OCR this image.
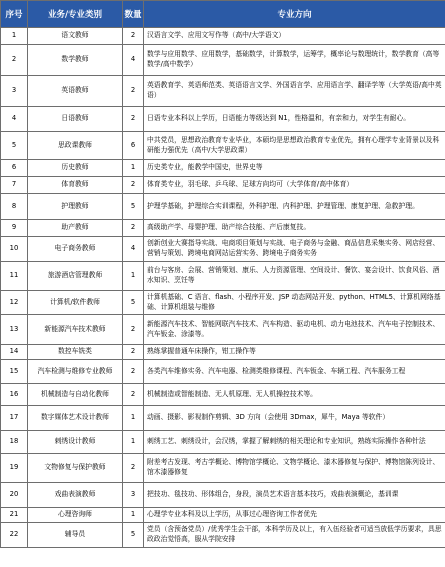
序号	业务/专业类别	数量	专业方向
1	语文教师	2	汉语言文学、应用文写作等（高中/大学语文）
2	数学教师	4	数学与应用数学、应用数学，基础数学，计算数学，运筹学，概率论与数理统计，数学教育（高等数学/高中数学）
3	英语教师	2	英语教育学、英语师范类、英语语言文学、外国语言学、应用语言学、翻译学等（大学英语/高中英语）
4	日语教师	2	日语专业本科以上学历，日语能力等级达到 N1，性格温和，有亲和力，对学生有耐心。
5	思政课教师	6	中共党员，思想政治教育专业毕业，本硕均是思想政治教育专业优先，拥有心理学专业背景以及科研能力强优先（高中/大学思政课）
6	历史教师	1	历史类专业，能教学中国史，世界史等
7	体育教师	2	体育类专业，羽毛球、乒乓球、足球方向均可（大学体育/高中体育）
8	护理教师	5	护理学基础，护理综合实训课程，外科护理、内科护理、护理管理、康复护理、急救护理。
9	助产教师	2	高级助产学、母婴护理、助产综合技能、产后康复技。
10	电子商务教师	4	创新创业大赛指导实战、电商项目策划与实战、电子商务与金融、商品信息采集实务、网店经营、营销与策划、跨境电商网站运营实务、跨境电子商务实务
11	旅游酒店管理教师	1	前台与客房、会展、营销策划、康乐、人力资源管理、空间设计、餐饮、宴会设计、饮食风俗、酒水知识、烹饪等
12	计算机/软件教师	5	计算机基础、C 语言、flash、小程序开发、JSP 动态网站开发、python、HTML5、计算机网络基础、计算机组装与维修
13	新能源汽车技术教师	2	新能源汽车技术、智能网联汽车技术、汽车构造、驱动电机、动力电池技术、汽车电子控制技术、汽车钣金、涂漆等。
14	数控车铣类	2	熟练掌握普通车床操作，钳工操作等
15	汽车检测与维修专业教师	2	各类汽车维修实务、汽车电器、检测类维修课程、汽车钣金、车辆工程、汽车服务工程
16	机械制造与自动化教师	2	机械制造或智能制造、无人机原理、无人机操控技术等。
17	数字媒体艺术设计教师	1	动画、摄影、影视制作剪辑、3D 方向（会使用 3Dmax，犀牛，Maya 等软件）
18	刺绣设计教师	1	刺绣工艺、刺绣设计，会汉绣，掌握了解刺绣的相关理论和专业知识，熟练实际操作各种针法
19	文物修复与保护教师	2	附差考古发现、考古学概论、博物馆学概论、文物学概论、漆木器修复与保护、博物馆陈列设计、馆木漆器修复
20	戏曲表演教师	3	把技功、毯技功、形体组合，身段，演员艺术语言基本技巧，戏曲表演概论，基训课
21	心理咨询师	1	心理学专业本科及以上学历，从事过心理咨询工作者优先
22	辅导员	5	党员（含预备党员）/优秀学生会干部，本科学历及以上，有入伍经验者可适当放低学历要求，具思政政治觉悟高，服从学院安排
